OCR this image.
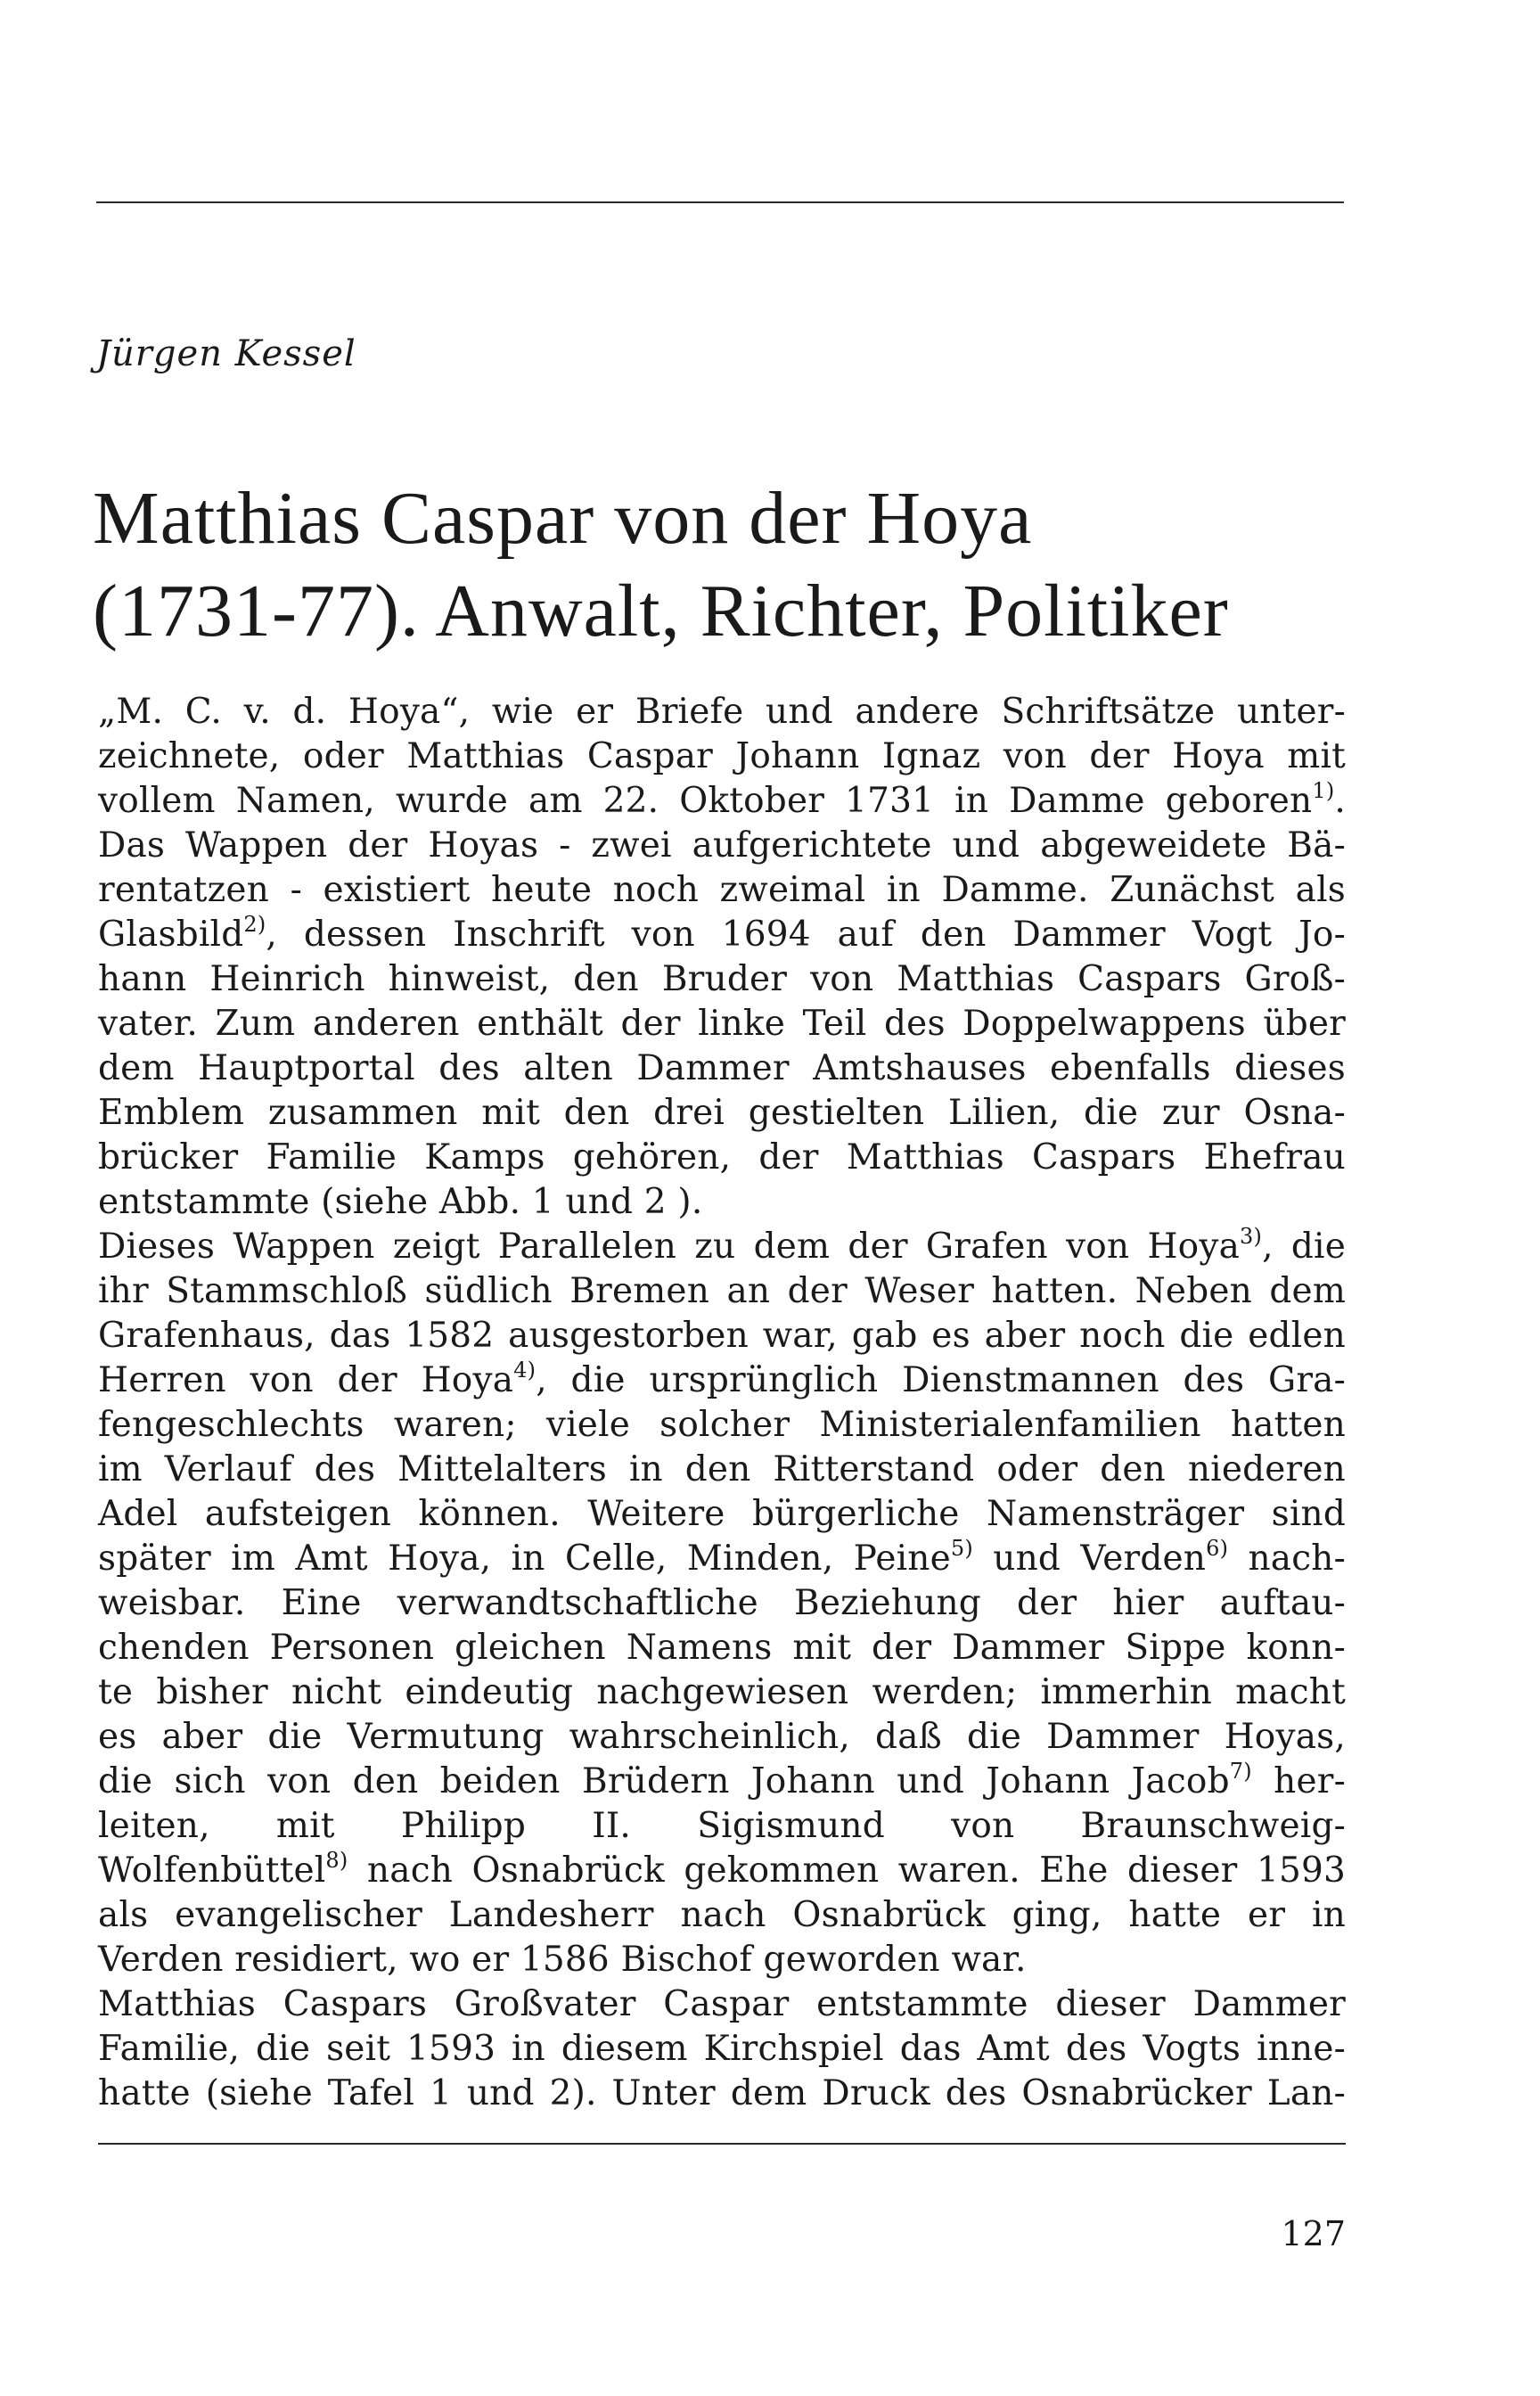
Jürgen Kessel
Matthias Caspar von der Hoya
(1731-77). Anwalt, Richter, Politiker
„M. C. v. d. Hoya“, wie er Briefe und andere Schriftsätze unter-
zeichnete, oder Matthias Caspar Johann Ignaz von der Hoya mit
vollem Namen, wurde am 22. Oktober 1731 in Damme geboren$^{1)}$.
Das Wappen der Hoyas - zwei aufgerichtete und abgeweidete Bä-
rentatzen - existiert heute noch zweimal in Damme. Zunächst als
Glasbild$^{2)}$, dessen Inschrift von 1694 auf den Dammer Vogt Jo-
hann Heinrich hinweist, den Bruder von Matthias Caspars Groß-
vater. Zum anderen enthält der linke Teil des Doppelwappens über
dem Hauptportal des alten Dammer Amtshauses ebenfalls dieses
Emblem zusammen mit den drei gestielten Lilien, die zur Osna-
brücker Familie Kamps gehören, der Matthias Caspars Ehefrau
entstammte (siehe Abb. 1 und 2 ).
Dieses Wappen zeigt Parallelen zu dem der Grafen von Hoya$^{3)}$, die
ihr Stammschloß südlich Bremen an der Weser hatten. Neben dem
Grafenhaus, das 1582 ausgestorben war, gab es aber noch die edlen
Herren von der Hoya$^{4)}$, die ursprünglich Dienstmannen des Gra-
fengeschlechts waren; viele solcher Ministerialenfamilien hatten
im Verlauf des Mittelalters in den Ritterstand oder den niederen
Adel aufsteigen können. Weitere bürgerliche Namensträger sind
später im Amt Hoya, in Celle, Minden, Peine$^{5)}$ und Verden$^{6)}$ nach-
weisbar. Eine verwandtschaftliche Beziehung der hier auftau-
chenden Personen gleichen Namens mit der Dammer Sippe konn-
te bisher nicht eindeutig nachgewiesen werden; immerhin macht
es aber die Vermutung wahrscheinlich, daß die Dammer Hoyas,
die sich von den beiden Brüdern Johann und Johann Jacob$^{7)}$ her-
leiten, mit Philipp II. Sigismund von Braunschweig-
Wolfenbüttel$^{8)}$ nach Osnabrück gekommen waren. Ehe dieser 1593
als evangelischer Landesherr nach Osnabrück ging, hatte er in
Verden residiert, wo er 1586 Bischof geworden war.
Matthias Caspars Großvater Caspar entstammte dieser Dammer
Familie, die seit 1593 in diesem Kirchspiel das Amt des Vogts inne-
hatte (siehe Tafel 1 und 2). Unter dem Druck des Osnabrücker Lan-
127
